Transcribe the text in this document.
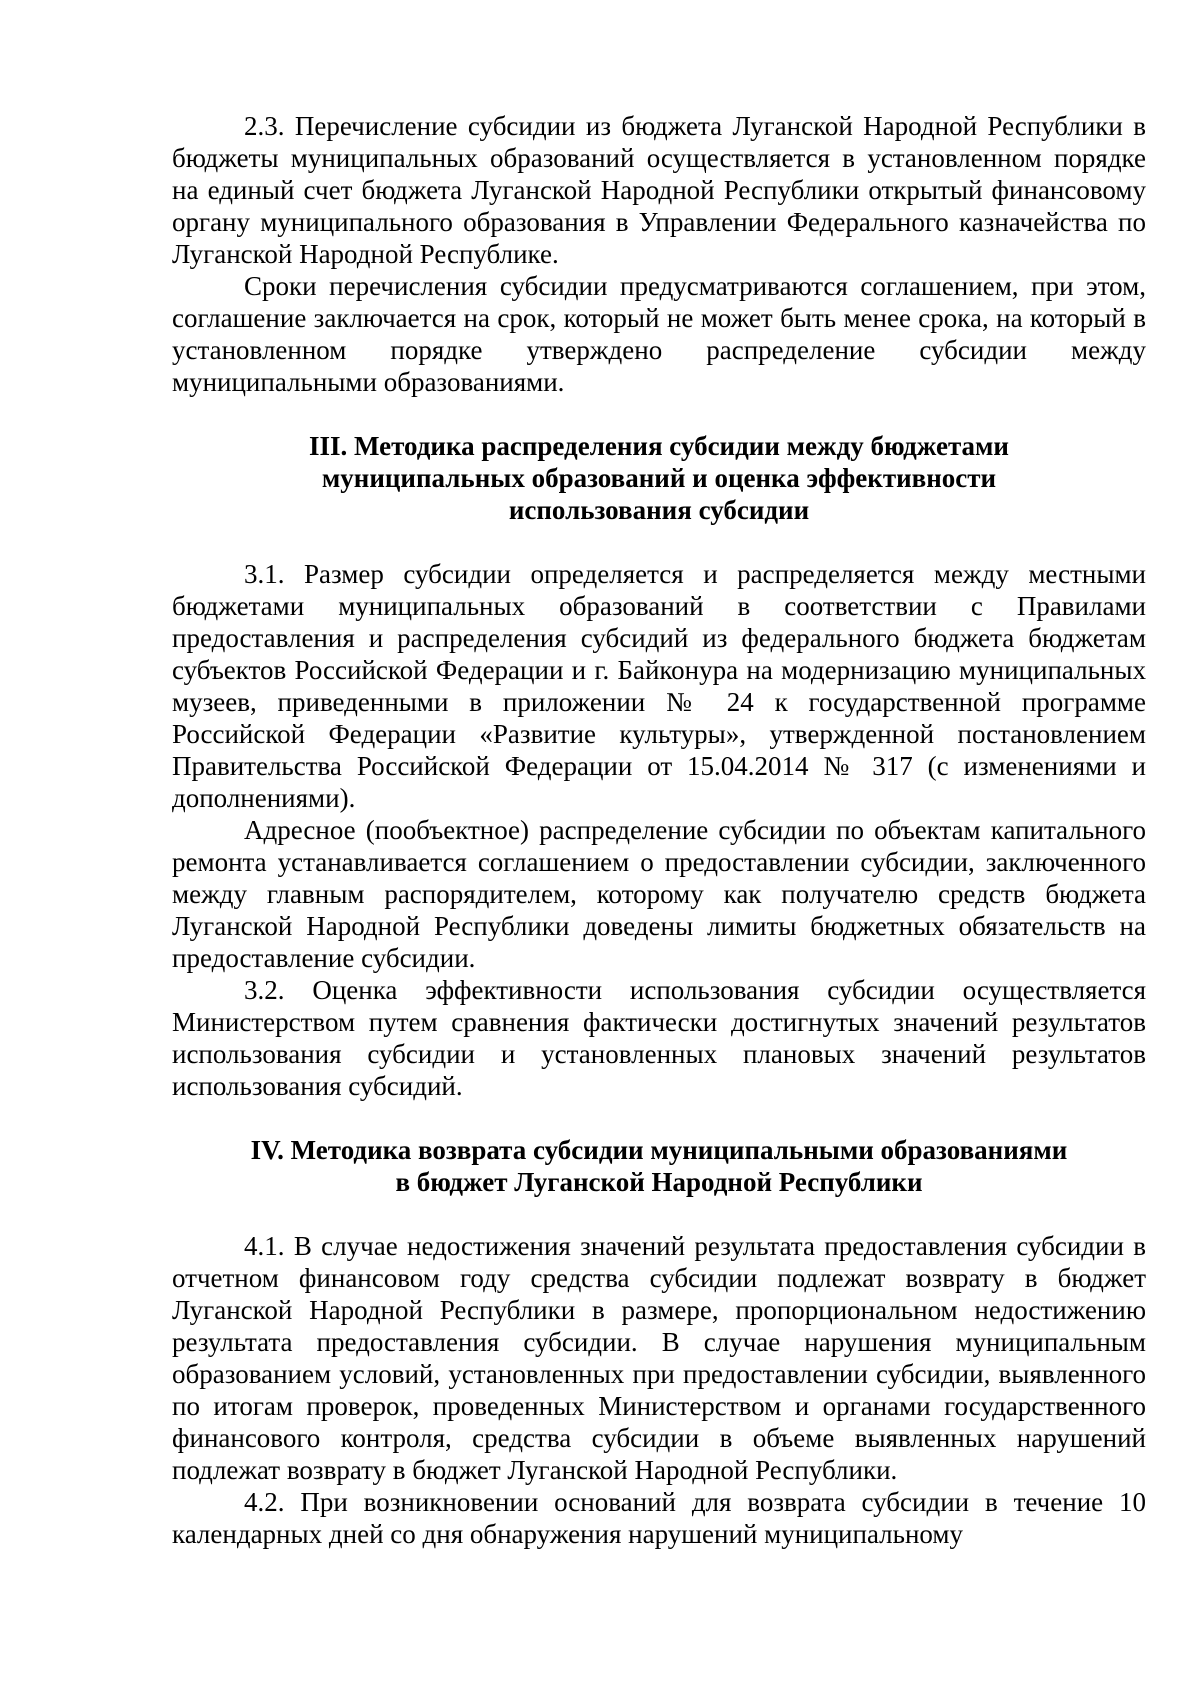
2.3. Перечисление субсидии из бюджета Луганской Народной Республики в бюджеты муниципальных образований осуществляется в установленном порядке на единый счет бюджета Луганской Народной Республики открытый финансовому органу муниципального образования в Управлении Федерального казначейства по Луганской Народной Республике.

Сроки перечисления субсидии предусматриваются соглашением, при этом, соглашение заключается на срок, который не может быть менее срока, на который в установленном порядке утверждено распределение субсидии между муниципальными образованиями.

III. Методика распределения субсидии между бюджетами
муниципальных образований и оценка эффективности
использования субсидии

3.1. Размер субсидии определяется и распределяется между местными бюджетами муниципальных образований в соответствии с Правилами предоставления и распределения субсидий из федерального бюджета бюджетам субъектов Российской Федерации и г. Байконура на модернизацию муниципальных музеев, приведенными в приложении № 24 к государственной программе Российской Федерации «Развитие культуры», утвержденной постановлением Правительства Российской Федерации от 15.04.2014 № 317 (с изменениями и дополнениями).

Адресное (пообъектное) распределение субсидии по объектам капитального ремонта устанавливается соглашением о предоставлении субсидии, заключенного между главным распорядителем, которому как получателю средств бюджета Луганской Народной Республики доведены лимиты бюджетных обязательств на предоставление субсидии.

3.2. Оценка эффективности использования субсидии осуществляется Министерством путем сравнения фактически достигнутых значений результатов использования субсидии и установленных плановых значений результатов использования субсидий.

IV. Методика возврата субсидии муниципальными образованиями
в бюджет Луганской Народной Республики

4.1. В случае недостижения значений результата предоставления субсидии в отчетном финансовом году средства субсидии подлежат возврату в бюджет Луганской Народной Республики в размере, пропорциональном недостижению результата предоставления субсидии. В случае нарушения муниципальным образованием условий, установленных при предоставлении субсидии, выявленного по итогам проверок, проведенных Министерством и органами государственного финансового контроля, средства субсидии в объеме выявленных нарушений подлежат возврату в бюджет Луганской Народной Республики.

4.2. При возникновении оснований для возврата субсидии в течение 10 календарных дней со дня обнаружения нарушений муниципальному
